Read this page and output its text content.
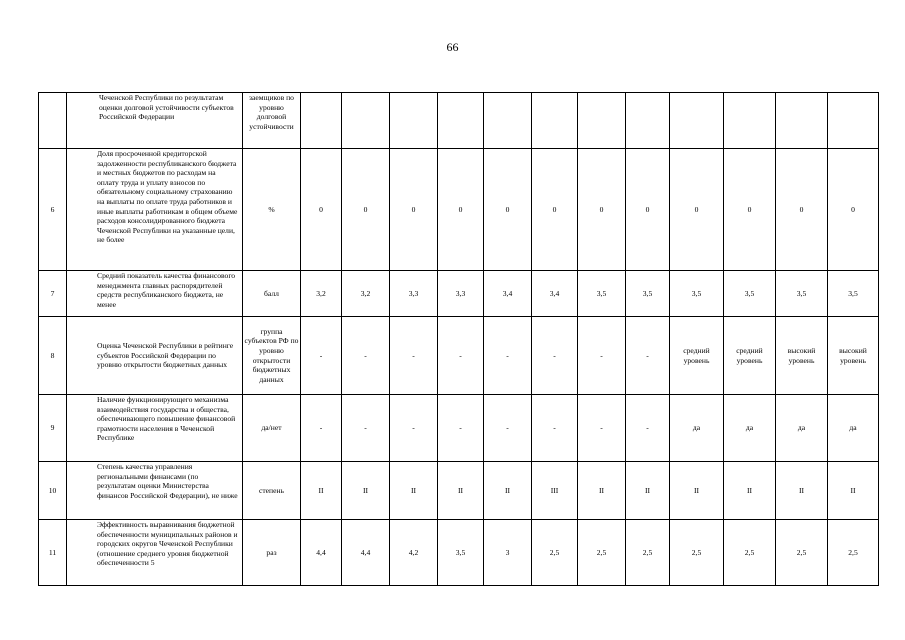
66
	Чеченской Республики по результатам оценки долговой устойчивости субъектов Российской Федерации	заемщиков по уровню долговой устойчивости												
6	Доля просроченной кредиторской задолженности республиканского бюджета и местных бюджетов по расходам на оплату труда и уплату взносов по обязательному социальному страхованию на выплаты по оплате труда работников и иные выплаты работникам в общем объеме расходов консолидированного бюджета Чеченской Республики на указанные цели, не более	%	0	0	0	0	0	0	0	0	0	0	0	0
7	Средний показатель качества финансового менеджмента главных распорядителей средств республиканского бюджета, не менее	балл	3,2	3,2	3,3	3,3	3,4	3,4	3,5	3,5	3,5	3,5	3,5	3,5
8	Оценка Чеченской Республики в рейтинге субъектов Российской Федерации по уровню открытости бюджетных данных	группа субъектов РФ по уровню открытости бюджетных данных	-	-	-	-	-	-	-	-	средний уровень	средний уровень	высокий уровень	высокий уровень
9	Наличие функционирующего механизма взаимодействия государства и общества, обеспечивающего повышение финансовой грамотности населения в Чеченской Республике	да/нет	-	-	-	-	-	-	-	-	да	да	да	да
10	Степень качества управления региональными финансами (по результатам оценки Министерства финансов Российской Федерации), не ниже	степень	II	II	II	II	II	III	II	II	II	II	II	II
11	Эффективность выравнивания бюджетной обеспеченности муниципальных районов и городских округов Чеченской Республики (отношение среднего уровня бюджетной обеспеченности 5	раз	4,4	4,4	4,2	3,5	3	2,5	2,5	2,5	2,5	2,5	2,5	2,5
